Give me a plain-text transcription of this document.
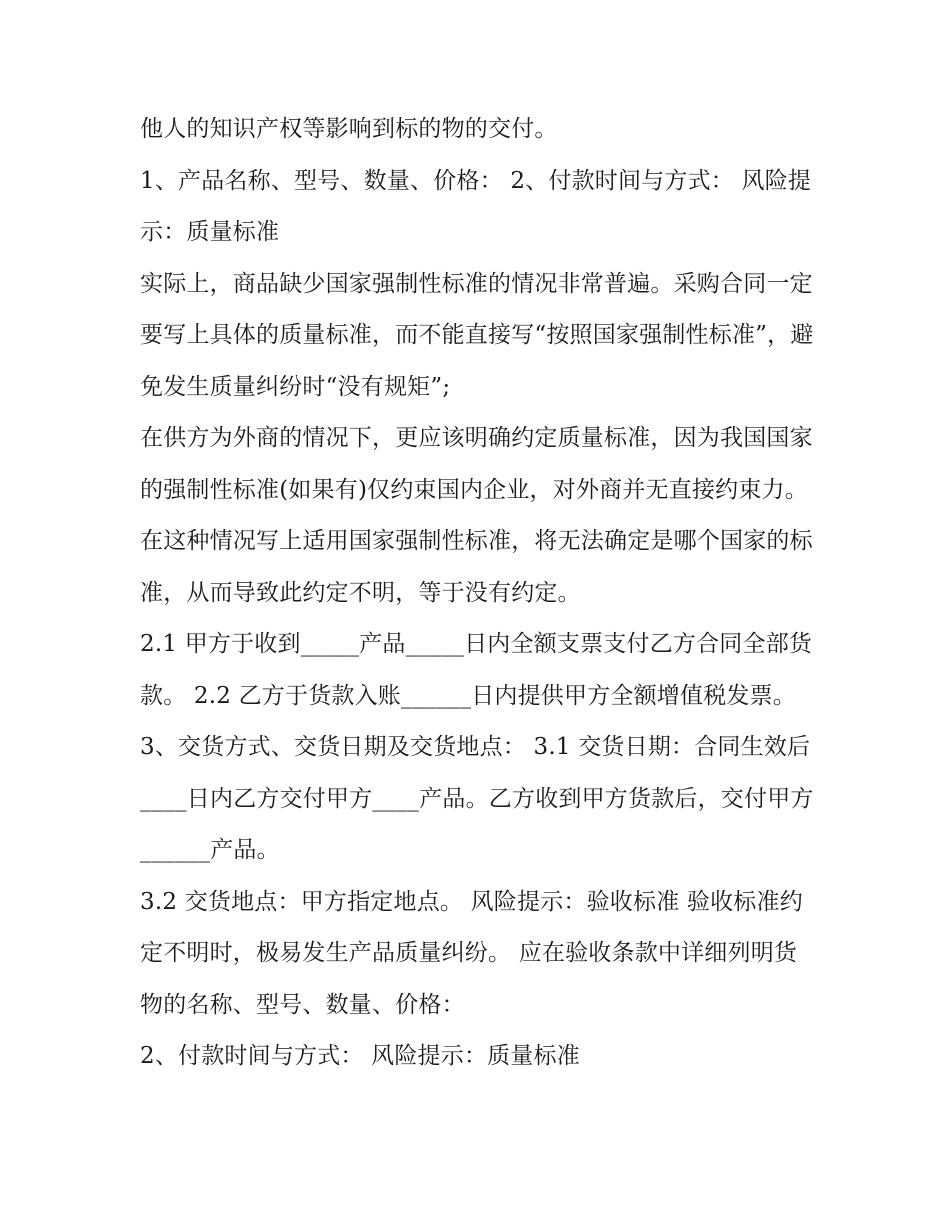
他人的知识产权等影响到标的物的交付。

1、产品名称、型号、数量、价格： 2、付款时间与方式： 风险提示：质量标准

实际上，商品缺少国家强制性标准的情况非常普遍。采购合同一定要写上具体的质量标准，而不能直接写“按照国家强制性标准”，避免发生质量纠纷时“没有规矩”;

在供方为外商的情况下，更应该明确约定质量标准，因为我国国家的强制性标准(如果有)仅约束国内企业，对外商并无直接约束力。在这种情况写上适用国家强制性标准，将无法确定是哪个国家的标准，从而导致此约定不明，等于没有约定。

2.1 甲方于收到_____产品_____日内全额支票支付乙方合同全部货款。 2.2 乙方于货款入账______日内提供甲方全额增值税发票。

3、交货方式、交货日期及交货地点： 3.1 交货日期：合同生效后____日内乙方交付甲方____产品。乙方收到甲方货款后，交付甲方______产品。

3.2 交货地点：甲方指定地点。 风险提示：验收标准 验收标准约定不明时，极易发生产品质量纠纷。 应在验收条款中详细列明货物的名称、型号、数量、价格：

2、付款时间与方式： 风险提示：质量标准
